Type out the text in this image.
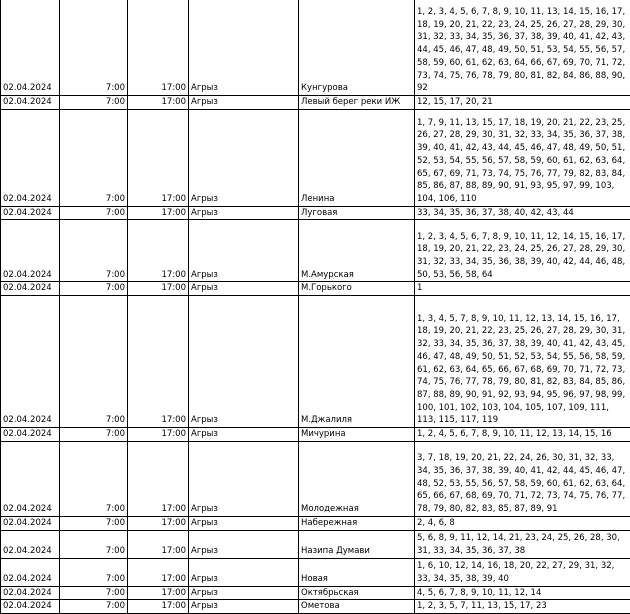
02.04.2024	7:00	17:00	Агрыз	Кунгурова	1, 2, 3, 4, 5, 6, 7, 8, 9, 10, 11, 13, 14, 15, 16, 17, 18, 19, 20, 21, 22, 23, 24, 25, 26, 27, 28, 29, 30, 31, 32, 33, 34, 35, 36, 37, 38, 39, 40, 41, 42, 43, 44, 45, 46, 47, 48, 49, 50, 51, 53, 54, 55, 56, 57, 58, 59, 60, 61, 62, 63, 64, 66, 67, 69, 70, 71, 72, 73, 74, 75, 76, 78, 79, 80, 81, 82, 84, 86, 88, 90, 92
02.04.2024	7:00	17:00	Агрыз	Левый берег реки ИЖ	12, 15, 17, 20, 21
02.04.2024	7:00	17:00	Агрыз	Ленина	1, 7, 9, 11, 13, 15, 17, 18, 19, 20, 21, 22, 23, 25, 26, 27, 28, 29, 30, 31, 32, 33, 34, 35, 36, 37, 38, 39, 40, 41, 42, 43, 44, 45, 46, 47, 48, 49, 50, 51, 52, 53, 54, 55, 56, 57, 58, 59, 60, 61, 62, 63, 64, 65, 67, 69, 71, 73, 74, 75, 76, 77, 79, 82, 83, 84, 85, 86, 87, 88, 89, 90, 91, 93, 95, 97, 99, 103, 104, 106, 110
02.04.2024	7:00	17:00	Агрыз	Луговая	33, 34, 35, 36, 37, 38, 40, 42, 43, 44
02.04.2024	7:00	17:00	Агрыз	М.Амурская	1, 2, 3, 4, 5, 6, 7, 8, 9, 10, 11, 12, 14, 15, 16, 17, 18, 19, 20, 21, 22, 23, 24, 25, 26, 27, 28, 29, 30, 31, 32, 33, 34, 35, 36, 38, 39, 40, 42, 44, 46, 48, 50, 53, 56, 58, 64
02.04.2024	7:00	17:00	Агрыз	М.Горького	1
02.04.2024	7:00	17:00	Агрыз	М.Джалиля	1, 3, 4, 5, 7, 8, 9, 10, 11, 12, 13, 14, 15, 16, 17, 18, 19, 20, 21, 22, 23, 25, 26, 27, 28, 29, 30, 31, 32, 33, 34, 35, 36, 37, 38, 39, 40, 41, 42, 43, 45, 46, 47, 48, 49, 50, 51, 52, 53, 54, 55, 56, 58, 59, 61, 62, 63, 64, 65, 66, 67, 68, 69, 70, 71, 72, 73, 74, 75, 76, 77, 78, 79, 80, 81, 82, 83, 84, 85, 86, 87, 88, 89, 90, 91, 92, 93, 94, 95, 96, 97, 98, 99, 100, 101, 102, 103, 104, 105, 107, 109, 111, 113, 115, 117, 119
02.04.2024	7:00	17:00	Агрыз	Мичурина	1, 2, 4, 5, 6, 7, 8, 9, 10, 11, 12, 13, 14, 15, 16
02.04.2024	7:00	17:00	Агрыз	Молодежная	3, 7, 18, 19, 20, 21, 22, 24, 26, 30, 31, 32, 33, 34, 35, 36, 37, 38, 39, 40, 41, 42, 44, 45, 46, 47, 48, 52, 53, 55, 56, 57, 58, 59, 60, 61, 62, 63, 64, 65, 66, 67, 68, 69, 70, 71, 72, 73, 74, 75, 76, 77, 78, 79, 80, 82, 83, 85, 87, 89, 91
02.04.2024	7:00	17:00	Агрыз	Набережная	2, 4, 6, 8
02.04.2024	7:00	17:00	Агрыз	Назипа Думави	5, 6, 8, 9, 11, 12, 14, 21, 23, 24, 25, 26, 28, 30, 31, 33, 34, 35, 36, 37, 38
02.04.2024	7:00	17:00	Агрыз	Новая	1, 6, 10, 12, 14, 16, 18, 20, 22, 27, 29, 31, 32, 33, 34, 35, 38, 39, 40
02.04.2024	7:00	17:00	Агрыз	Октябрьская	4, 5, 6, 7, 8, 9, 10, 11, 12, 14
02.04.2024	7:00	17:00	Агрыз	Ометова	1, 2, 3, 5, 7, 11, 13, 15, 17, 23
